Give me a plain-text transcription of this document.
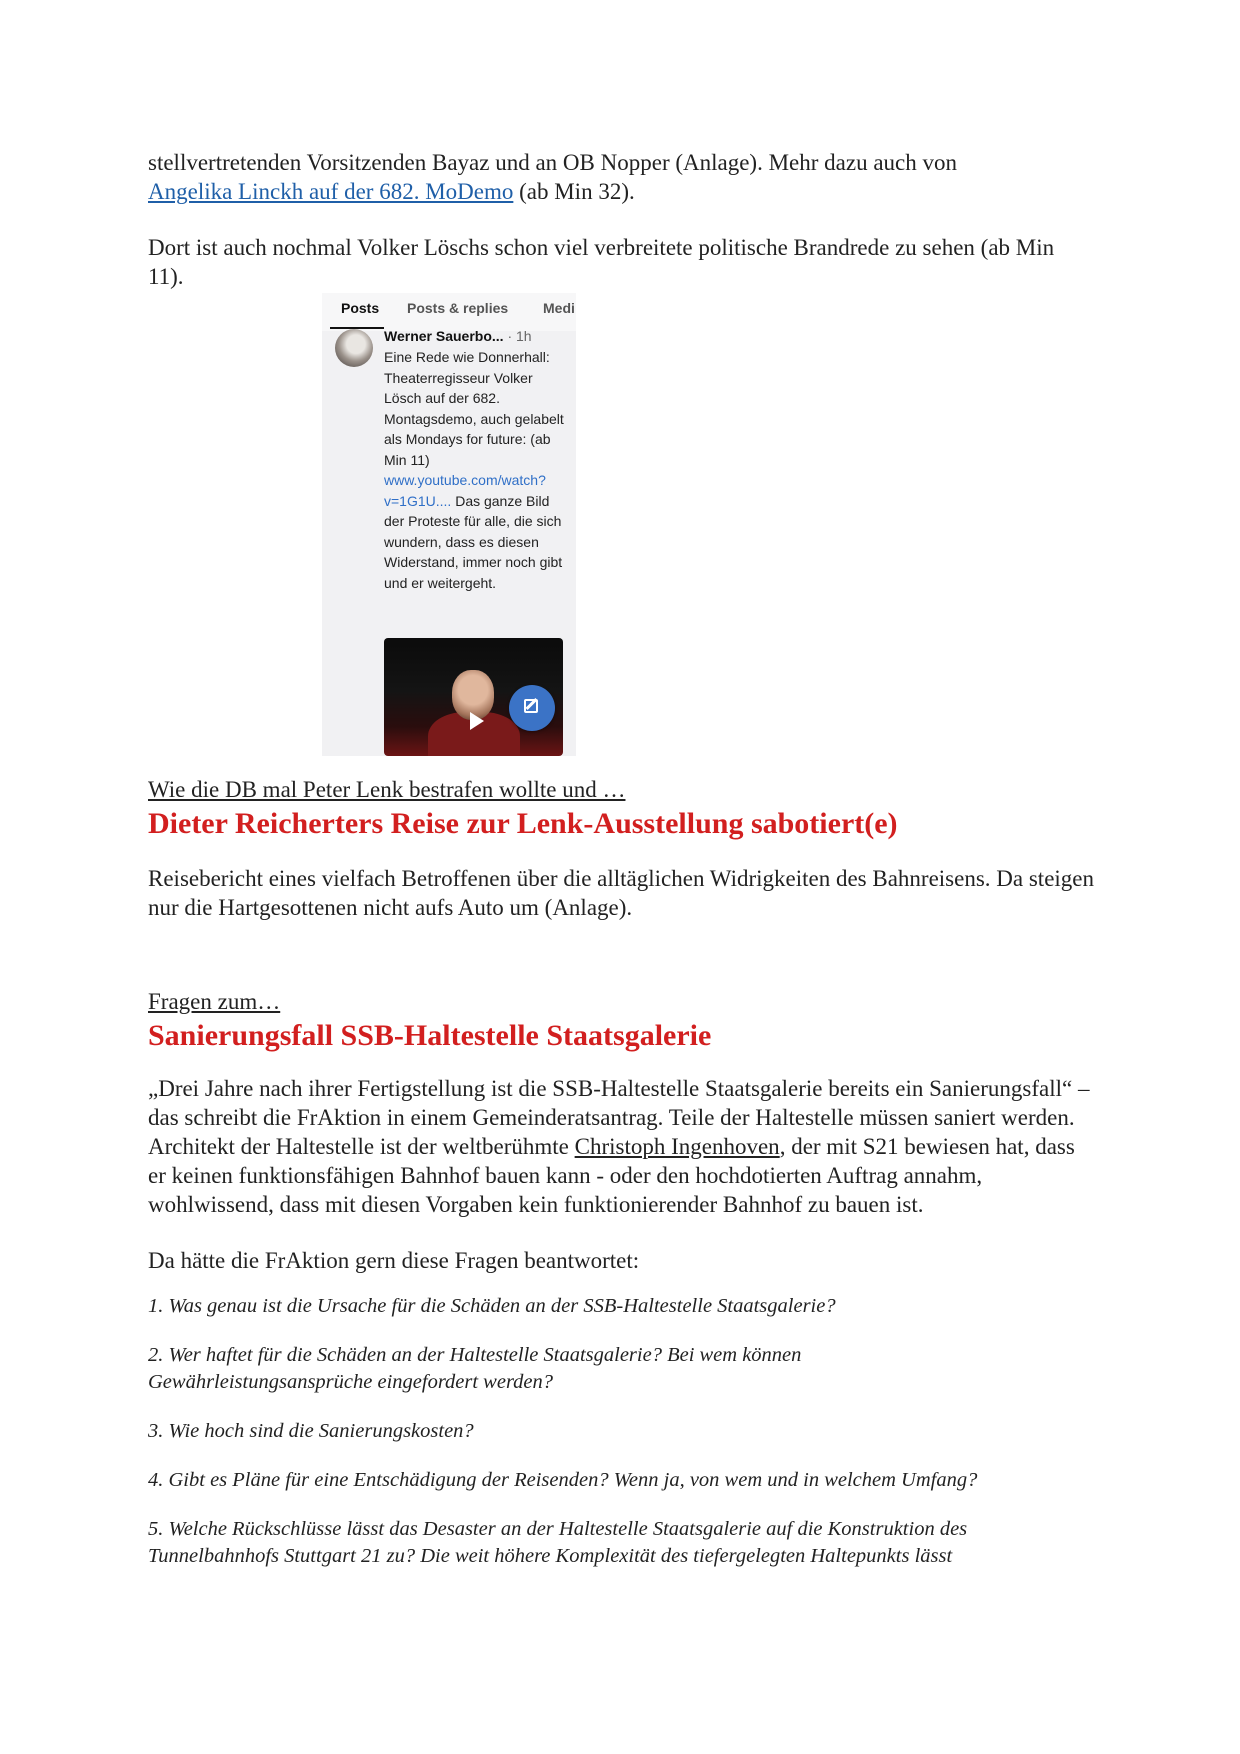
stellvertretenden Vorsitzenden Bayaz und an OB Nopper (Anlage). Mehr dazu auch von
Angelika Linckh auf der 682. MoDemo (ab Min 32).

Dort ist auch nochmal Volker Löschs schon viel verbreitete politische Brandrede zu sehen (ab Min 11).

Posts Posts & replies Medi
Werner Sauerbo... · 1h
Eine Rede wie Donnerhall: Theaterregisseur Volker Lösch auf der 682. Montagsdemo, auch gelabelt als Mondays for future: (ab Min 11) www.youtube.com/watch?v=1G1U.... Das ganze Bild der Proteste für alle, die sich wundern, dass es diesen Widerstand, immer noch gibt und er weitergeht.

Wie die DB mal Peter Lenk bestrafen wollte und …

Dieter Reicherters Reise zur Lenk-Ausstellung sabotiert(e)

Reisebericht eines vielfach Betroffenen über die alltäglichen Widrigkeiten des Bahnreisens. Da steigen nur die Hartgesottenen nicht aufs Auto um (Anlage).

Fragen zum…

Sanierungsfall SSB-Haltestelle Staatsgalerie

„Drei Jahre nach ihrer Fertigstellung ist die SSB-Haltestelle Staatsgalerie bereits ein Sanierungsfall“ – das schreibt die FrAktion in einem Gemeinderatsantrag. Teile der Haltestelle müssen saniert werden. Architekt der Haltestelle ist der weltberühmte Christoph Ingenhoven, der mit S21 bewiesen hat, dass er keinen funktionsfähigen Bahnhof bauen kann - oder den hochdotierten Auftrag annahm, wohlwissend, dass mit diesen Vorgaben kein funktionierender Bahnhof zu bauen ist.

Da hätte die FrAktion gern diese Fragen beantwortet:

1. Was genau ist die Ursache für die Schäden an der SSB-Haltestelle Staatsgalerie?

2. Wer haftet für die Schäden an der Haltestelle Staatsgalerie? Bei wem können Gewährleistungsansprüche eingefordert werden?

3. Wie hoch sind die Sanierungskosten?

4. Gibt es Pläne für eine Entschädigung der Reisenden? Wenn ja, von wem und in welchem Umfang?

5. Welche Rückschlüsse lässt das Desaster an der Haltestelle Staatsgalerie auf die Konstruktion des Tunnelbahnhofs Stuttgart 21 zu? Die weit höhere Komplexität des tiefergelegten Haltepunkts lässt
